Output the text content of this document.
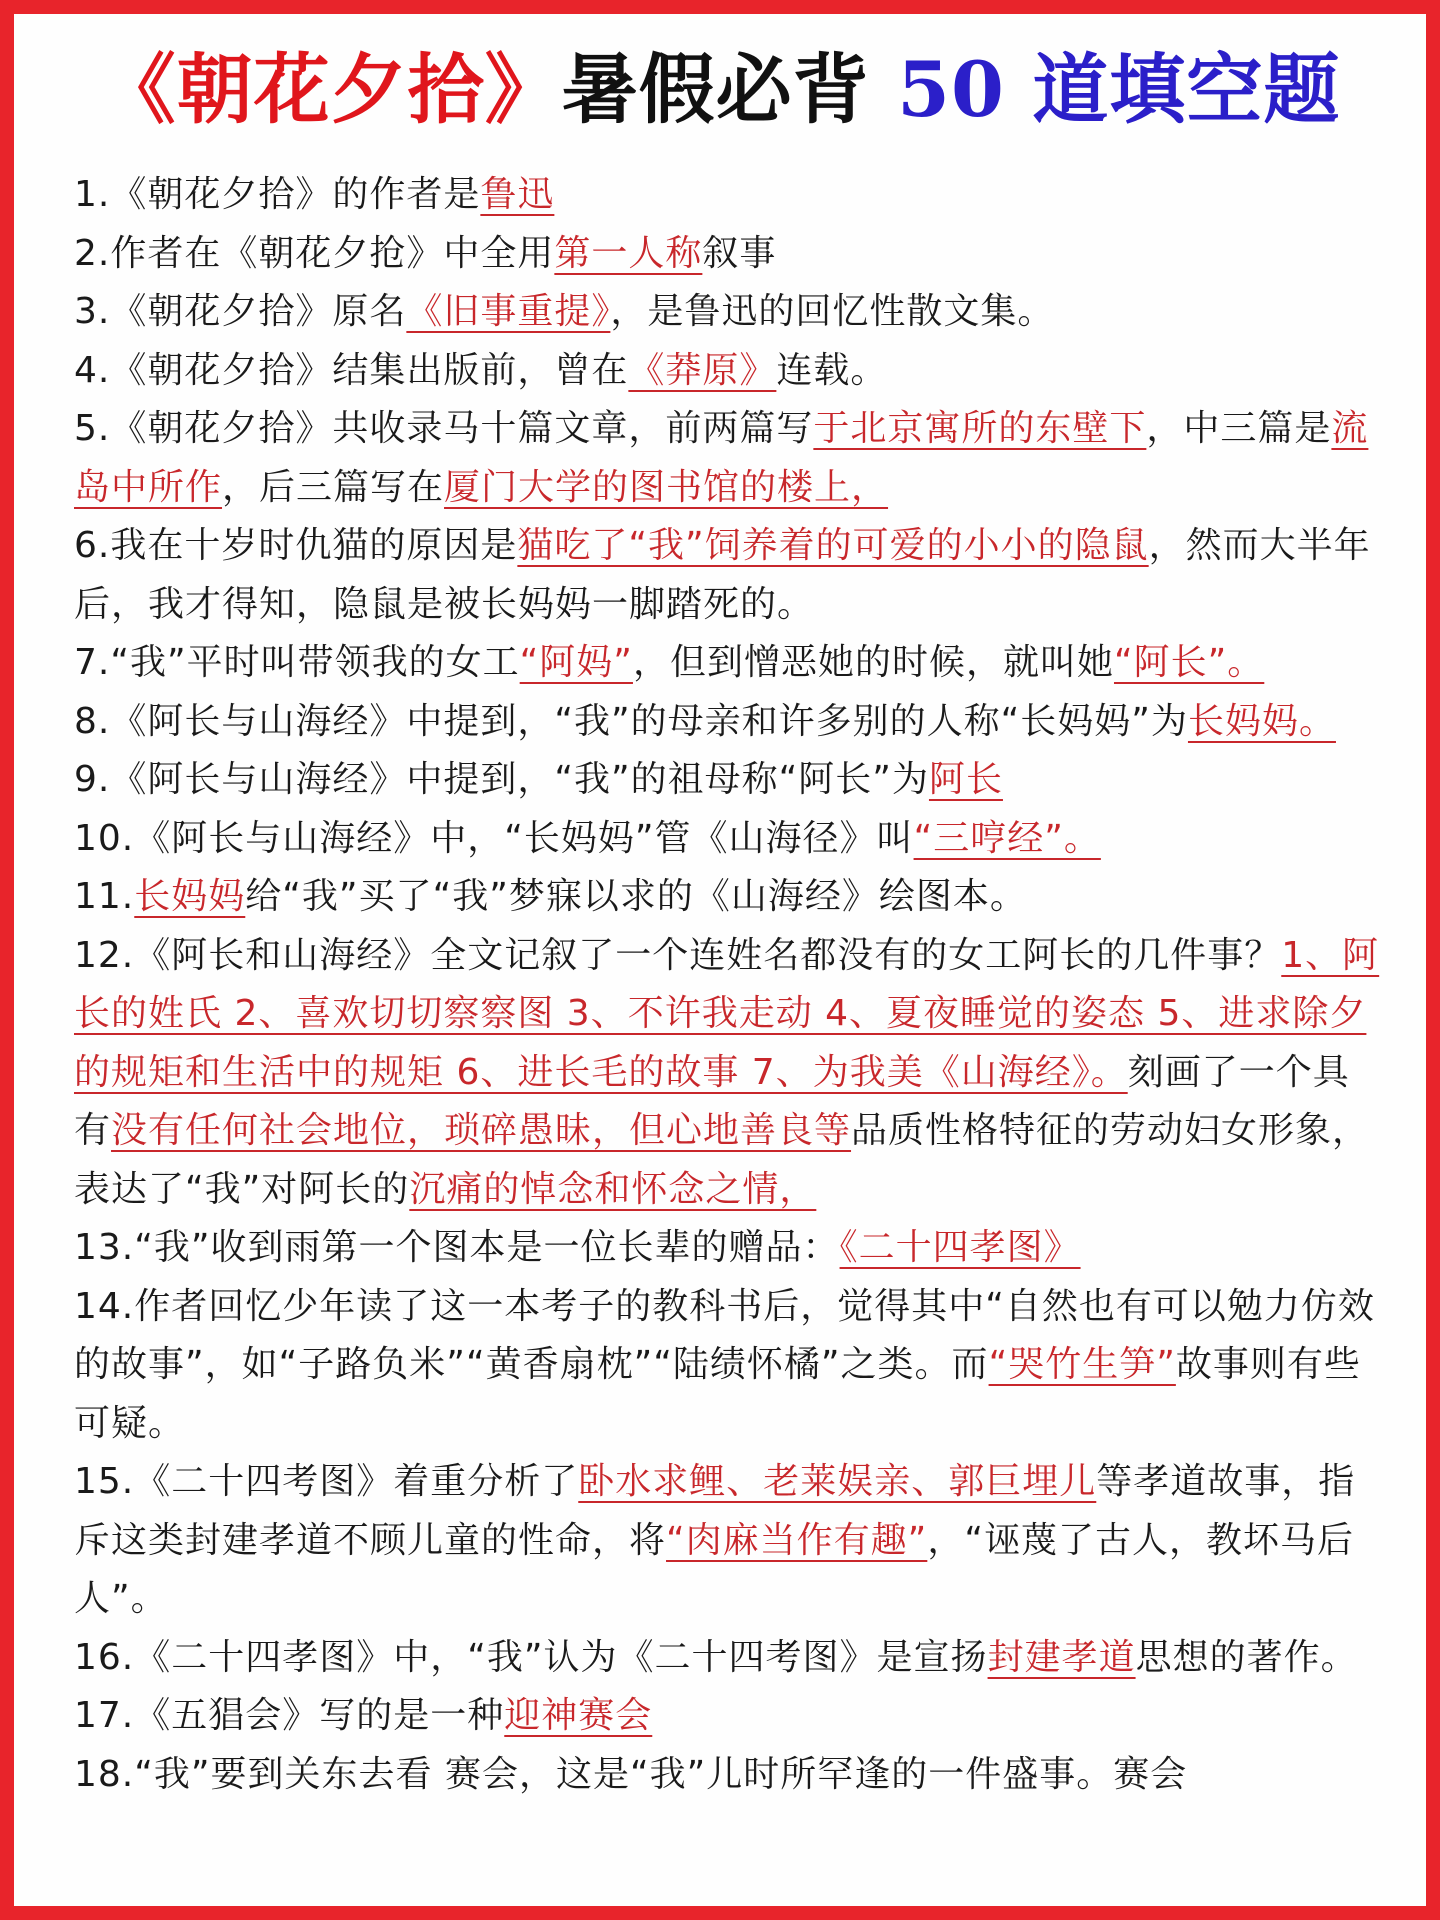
《朝花夕拾》暑假必背 50 道填空题

1.《朝花夕拾》的作者是鲁迅

2.作者在《朝花夕抢》中全用第一人称叙事

3.《朝花夕拾》原名《旧事重提》，是鲁迅的回忆性散文集。

4.《朝花夕拾》结集出版前，曾在《莽原》连载。

5.《朝花夕拾》共收录马十篇文章，前两篇写于北京寓所的东壁下，中三篇是流岛中所作，后三篇写在厦门大学的图书馆的楼上，

6.我在十岁时仇猫的原因是猫吃了“我”饲养着的可爱的小小的隐鼠，然而大半年后，我才得知，隐鼠是被长妈妈一脚踏死的。

7.“我”平时叫带领我的女工“阿妈”，但到憎恶她的时候，就叫她“阿长”。

8.《阿长与山海经》中提到，“我”的母亲和许多别的人称“长妈妈”为长妈妈。

9.《阿长与山海经》中提到，“我”的祖母称“阿长”为阿长

10.《阿长与山海经》中，“长妈妈”管《山海径》叫“三哼经”。

11.长妈妈给“我”买了“我”梦寐以求的《山海经》绘图本。

12.《阿长和山海经》全文记叙了一个连姓名都没有的女工阿长的几件事？1、阿长的姓氏 2、喜欢切切察察图 3、不许我走动 4、夏夜睡觉的姿态 5、进求除夕的规矩和生活中的规矩 6、进长毛的故事 7、为我美《山海经》。刻画了一个具有没有任何社会地位，琐碎愚昧，但心地善良等品质性格特征的劳动妇女形象，表达了“我”对阿长的沉痛的悼念和怀念之情，

13.“我”收到雨第一个图本是一位长辈的赠品：《二十四孝图》

14.作者回忆少年读了这一本考子的教科书后，觉得其中“自然也有可以勉力仿效的故事”，如“子路负米”“黄香扇枕”“陆绩怀橘”之类。而“哭竹生笋”故事则有些可疑。

15.《二十四考图》着重分析了卧水求鲤、老莱娱亲、郭巨埋儿等孝道故事，指斥这类封建孝道不顾儿童的性命，将“肉麻当作有趣”，“诬蔑了古人，教坏马后人”。

16.《二十四孝图》中，“我”认为《二十四考图》是宣扬封建孝道思想的著作。

17.《五猖会》写的是一种迎神赛会

18.“我”要到关东去看 赛会，这是“我”儿时所罕逢的一件盛事。赛会
